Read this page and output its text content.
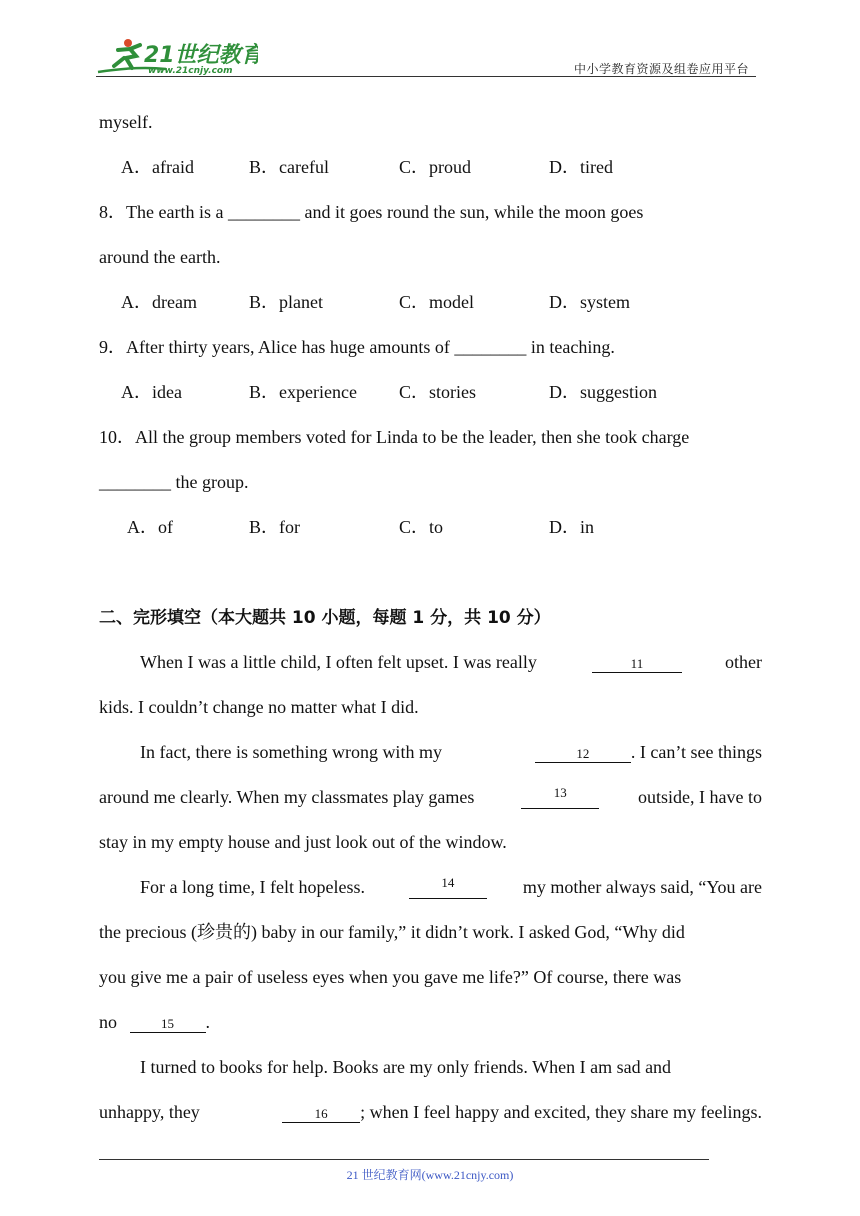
21世纪教育
www.21cnjy.com	中小学教育资源及组卷应用平台
myself.
A．afraid	B．careful	C．proud	D．tired
8．The earth is a ________ and it goes round the sun, while the moon goes
around the earth.
A．dream	B．planet	C．model	D．system
9．After thirty years, Alice has huge amounts of ________ in teaching.
A．idea	B．experience C．stories	D．suggestion
10．All the group members voted for Linda to be the leader, then she took charge
________ the group.
A．of	B．for	C．to	D．in
二、完形填空（本大题共 10 小题，每题 1 分，共 10 分）
When I was a little child, I often felt upset. I was really	11	other
kids. I couldn’t change no matter what I did.
In fact, there is something wrong with my	12 . I can’t see things
around me clearly. When my classmates play games	13	outside, I have to
stay in my empty house and just look out of the window.
For a long time, I felt hopeless.	14	my mother always said, “You are
the precious (珍贵的) baby in our family,” it didn’t work. I asked God, “Why did
you give me a pair of useless eyes when you gave me life?” Of course, there was
no	15 .
I turned to books for help. Books are my only friends. When I am sad and
unhappy, they	16 ; when I feel happy and excited, they share my feelings.
21 世纪教育网(www.21cnjy.com)
